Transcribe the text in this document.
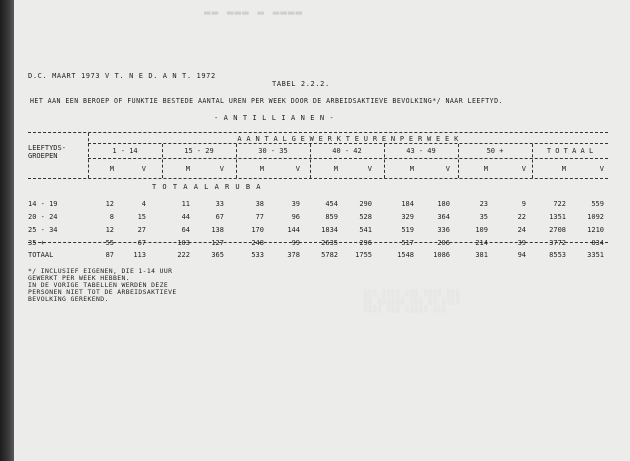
▬▬ ▬▬▬ ▬ ▬▬▬▬
D.C. MAART 1973 V T. N E D. A N T. 1972
TABEL 2.2.2.
HET AAN EEN BEROEP OF FUNKTIE BESTEDE AANTAL UREN PER WEEK DOOR DE ARBEIDSAKTIEVE BEVOLKING*/ NAAR LEEFTYD.
- A N T I L L I A N E N -
LEEFTYDS-
GROEPEN
A A N T A L G E W E R K T E U R E N P E R W E E K
1 - 14	15 - 29	30 - 35	40 - 42	43 - 49	50 +	T O T A A L
M	V	M	V	M	V	M	V	M	V	M	V	M	V
T O T A A L A R U B A
14 - 19	12	4	11	33	38	39	454	290	184	180	23	9	722	559
20 - 24	8	15	44	67	77	96	859	528	329	364	35	22	1351	1092
25 - 34	12	27	64	138	170	144	1834	541	519	336	109	24	2708	1210
35 +	55	67	103	127	248	99	2635	296	517	206	214	39	3772	834
TOTAAL	87	113	222	365	533	378	5782	1755	1548	1086	381	94	8553	3351
*/ INCLUSIEF EIGENEN, DIE 1-14 UUR
GEWERKT PER WEEK HEBBEN.
IN DE VORIGE TABELLEN WERDEN DEZE
PERSONEN NIET TOT DE ARBEIDSAKTIEVE
BEVOLKING GEREKEND.
░░░ ░░░░ ░░░ ░░░░ ░░░
░░ ░░░░░░ ░░░ ░░ ░░░░
░░░░ ░░░ ░░░░░ ░░░
